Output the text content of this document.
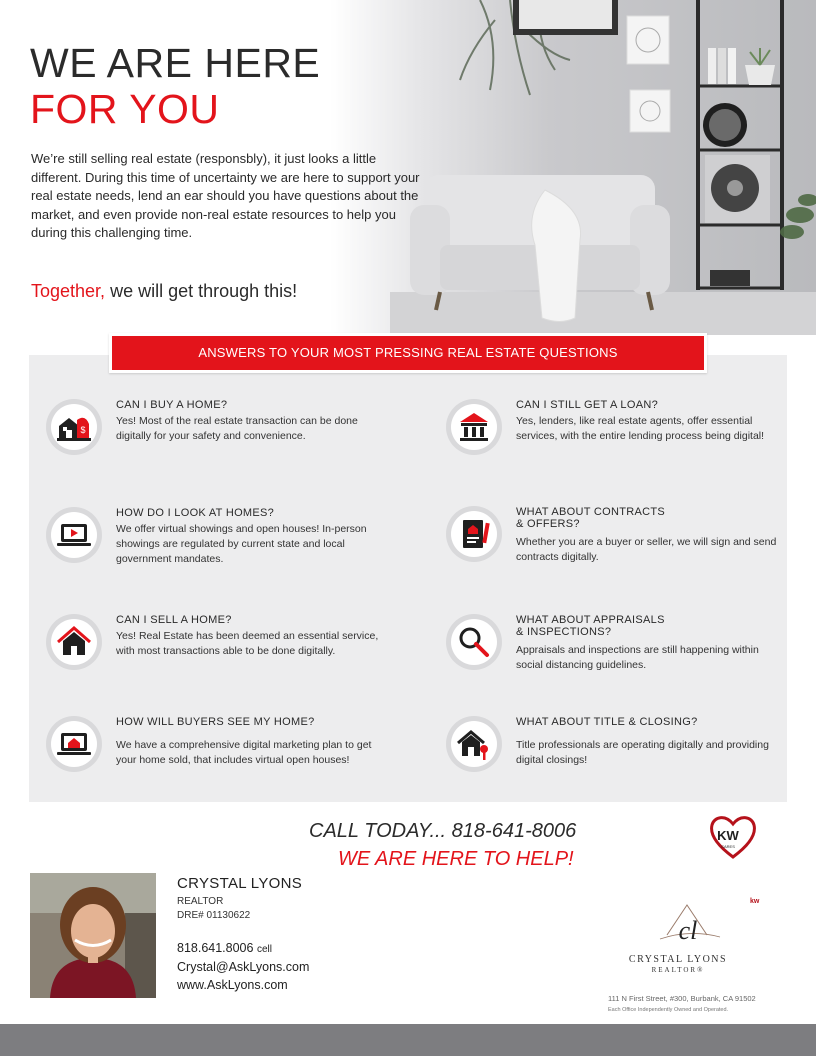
WE ARE HERE
FOR YOU
We’re still selling real estate (responsbly), it just looks a little different. During this time of uncertainty we are here to support your real estate needs, lend an ear should you have questions about the market, and even provide non-real estate resources to help you during this challenging time.
Together, we will get through this!
ANSWERS TO YOUR MOST PRESSING REAL ESTATE QUESTIONS
$
CAN I BUY A HOME?
Yes! Most of the real estate transaction can be done digitally for your safety and convenience.
HOW DO I LOOK AT HOMES?
We offer virtual showings and open houses! In-person showings are regulated by current state and local government mandates.
CAN I SELL A HOME?
Yes! Real Estate has been deemed an essential service, with most transactions able to be done digitally.
HOW WILL BUYERS SEE MY HOME?
We have a comprehensive digital marketing plan to get your home sold, that includes virtual open houses!
CAN I STILL GET A LOAN?
Yes, lenders, like real estate agents, offer essential services, with the entire lending process being digital!
WHAT ABOUT CONTRACTS
& OFFERS?
Whether you are a buyer or seller, we will sign and send contracts digitally.
WHAT ABOUT APPRAISALS
& INSPECTIONS?
Appraisals and inspections are still happening within social distancing guidelines.
WHAT ABOUT TITLE & CLOSING?
Title professionals are operating digitally and providing digital closings!
CALL TODAY... 818-641-8006
WE ARE HERE TO HELP!
KW
CARES
CRYSTAL LYONS
REALTOR
DRE# 01130622
818.641.8006 cell
Crystal@AskLyons.com
www.AskLyons.com
cl
kw
CRYSTAL LYONS
REALTOR®
111 N First Street, #300, Burbank, CA 91502
Each Office Independently Owned and Operated.
